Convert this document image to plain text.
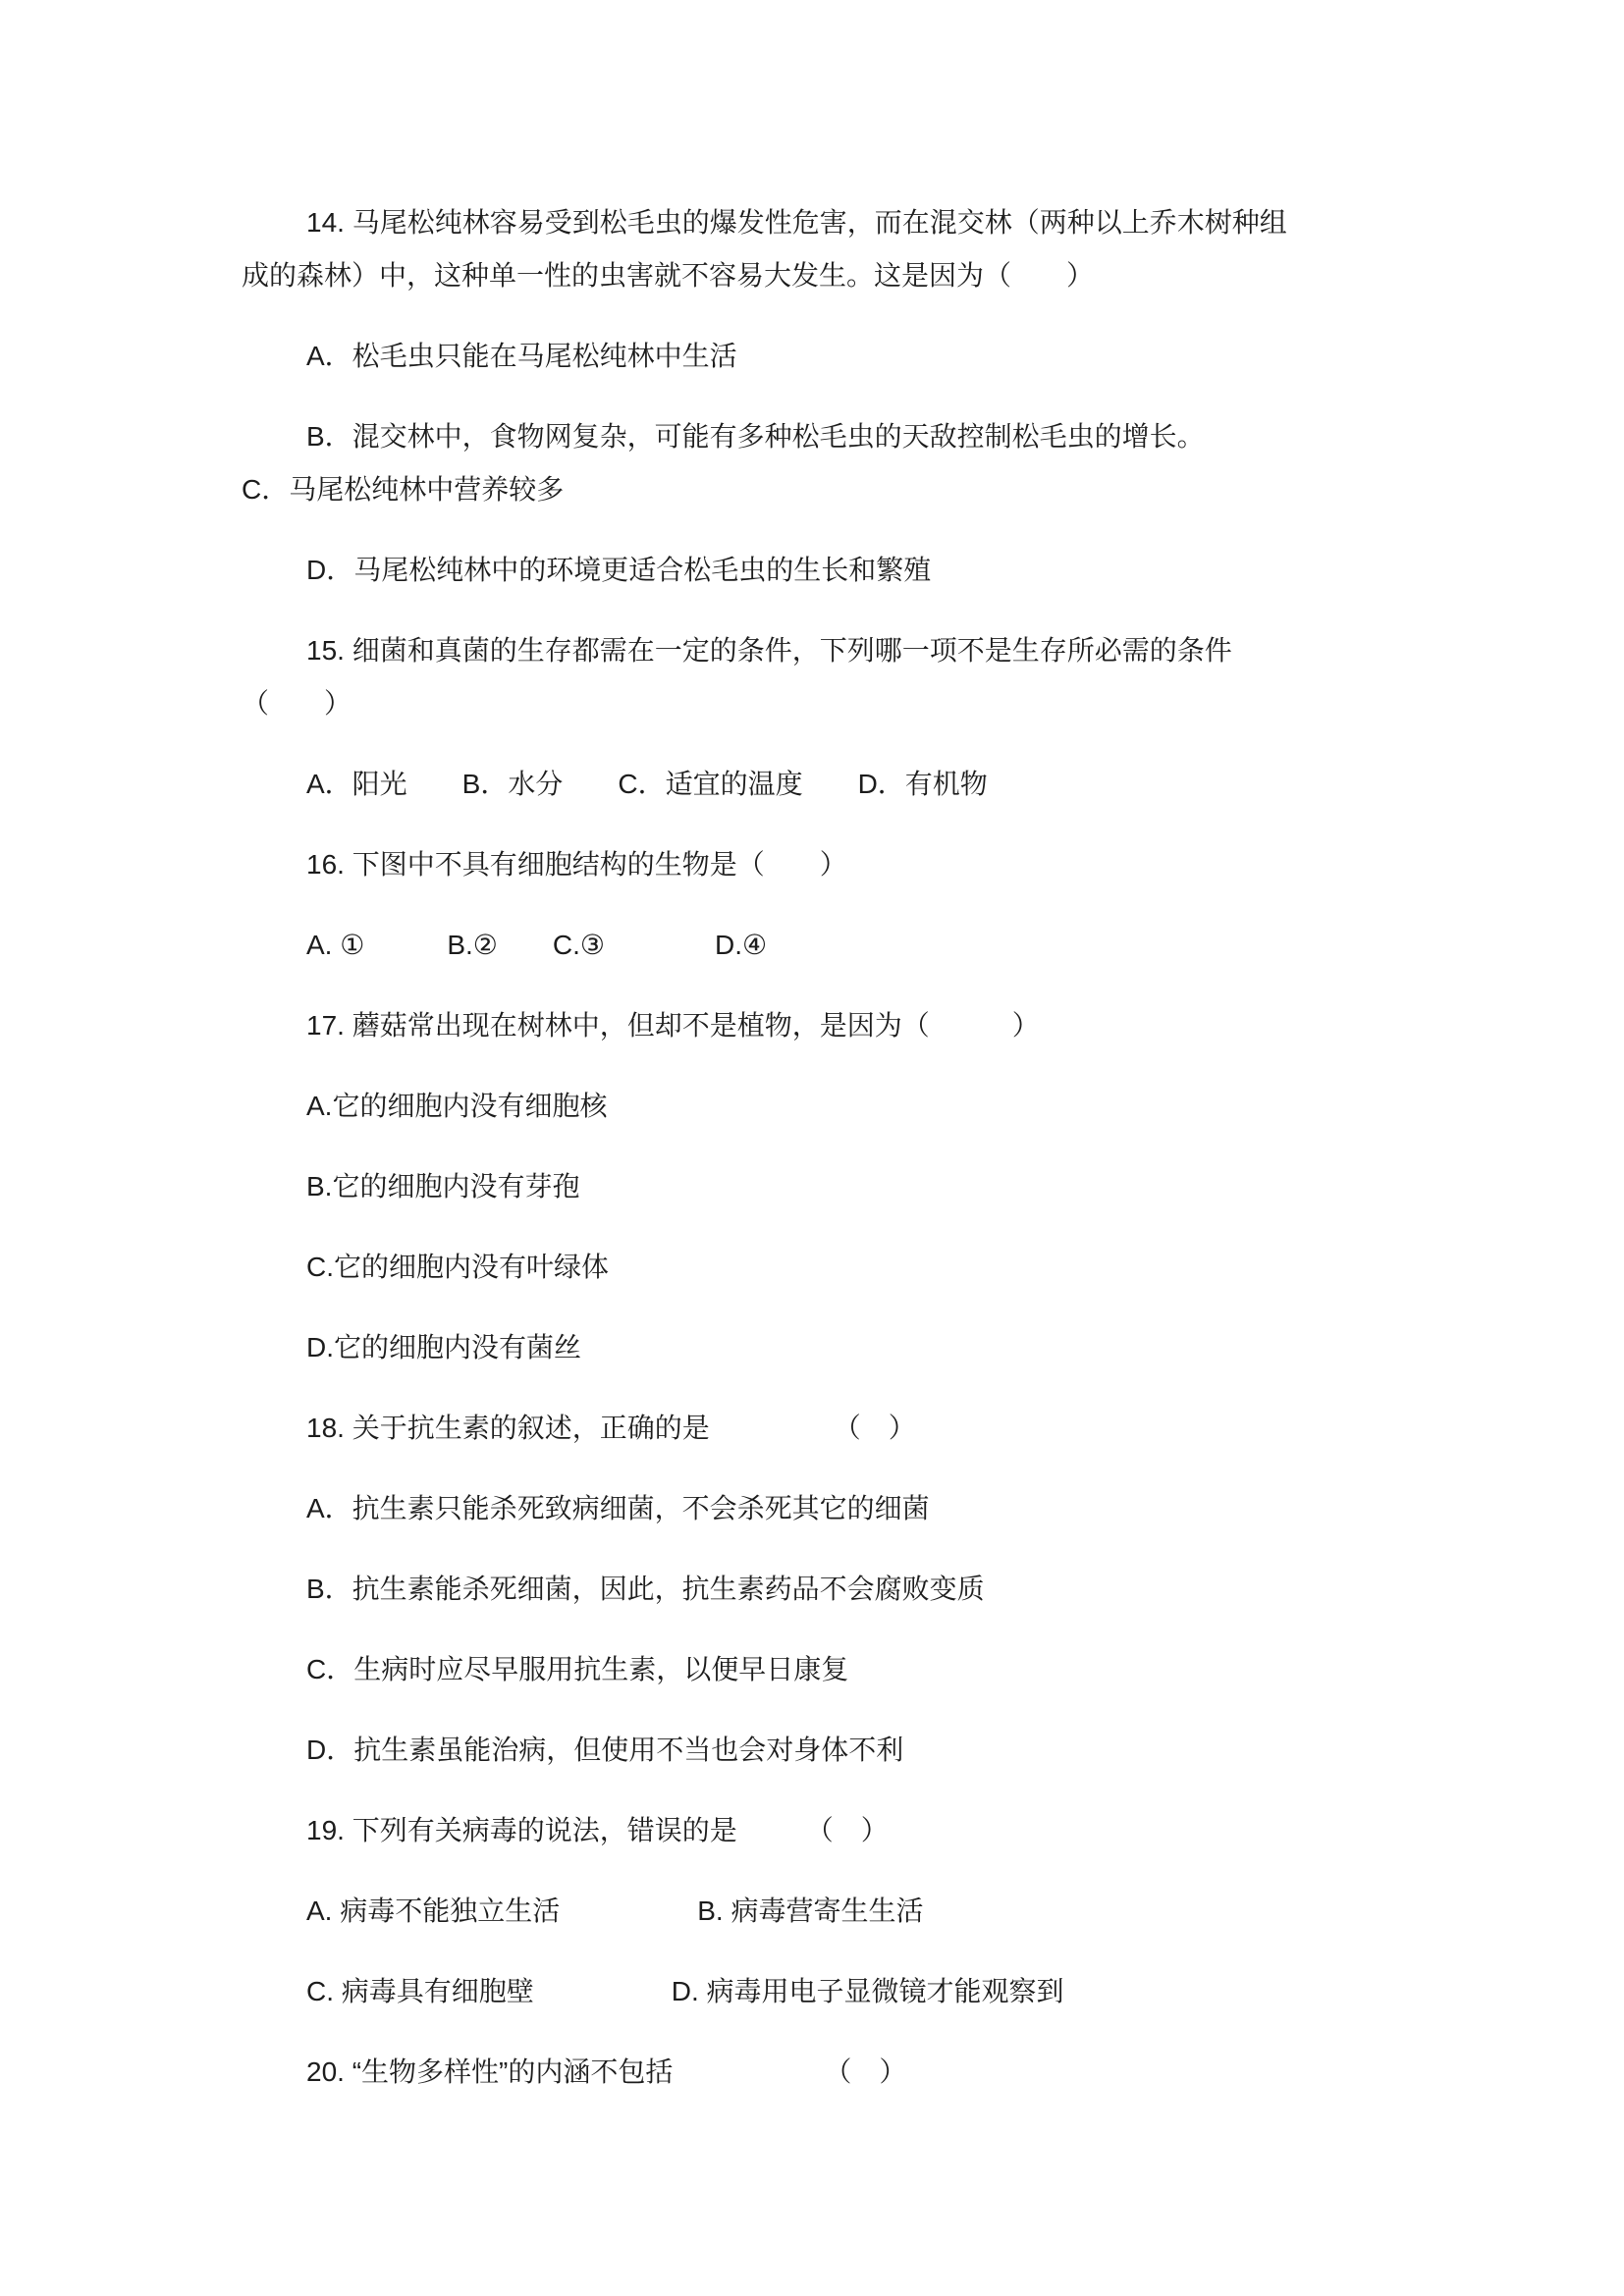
14. 马尾松纯林容易受到松毛虫的爆发性危害，而在混交林（两种以上乔木树种组
成的森林）中，这种单一性的虫害就不容易大发生。这是因为（　　）
A．松毛虫只能在马尾松纯林中生活
B．混交林中，食物网复杂，可能有多种松毛虫的天敌控制松毛虫的增长。
C．马尾松纯林中营养较多
D．马尾松纯林中的环境更适合松毛虫的生长和繁殖
15. 细菌和真菌的生存都需在一定的条件，下列哪一项不是生存所必需的条件
（　　）
A．阳光　　B．水分　　C．适宜的温度　　D．有机物
16. 下图中不具有细胞结构的生物是（　　）
A. ①　　　B.②　　C.③　　　　D.④
17. 蘑菇常出现在树林中，但却不是植物，是因为（　　　）
A.它的细胞内没有细胞核
B.它的细胞内没有芽孢
C.它的细胞内没有叶绿体
D.它的细胞内没有菌丝
18. 关于抗生素的叙述，正确的是　　　　　（　）
A．抗生素只能杀死致病细菌，不会杀死其它的细菌
B．抗生素能杀死细菌，因此，抗生素药品不会腐败变质
C．生病时应尽早服用抗生素，以便早日康复
D．抗生素虽能治病，但使用不当也会对身体不利
19. 下列有关病毒的说法，错误的是　　　（　）
A. 病毒不能独立生活　　　　　B. 病毒营寄生生活
C. 病毒具有细胞壁　　　　　D. 病毒用电子显微镜才能观察到
20. “生物多样性”的内涵不包括　　　　　　（　）
